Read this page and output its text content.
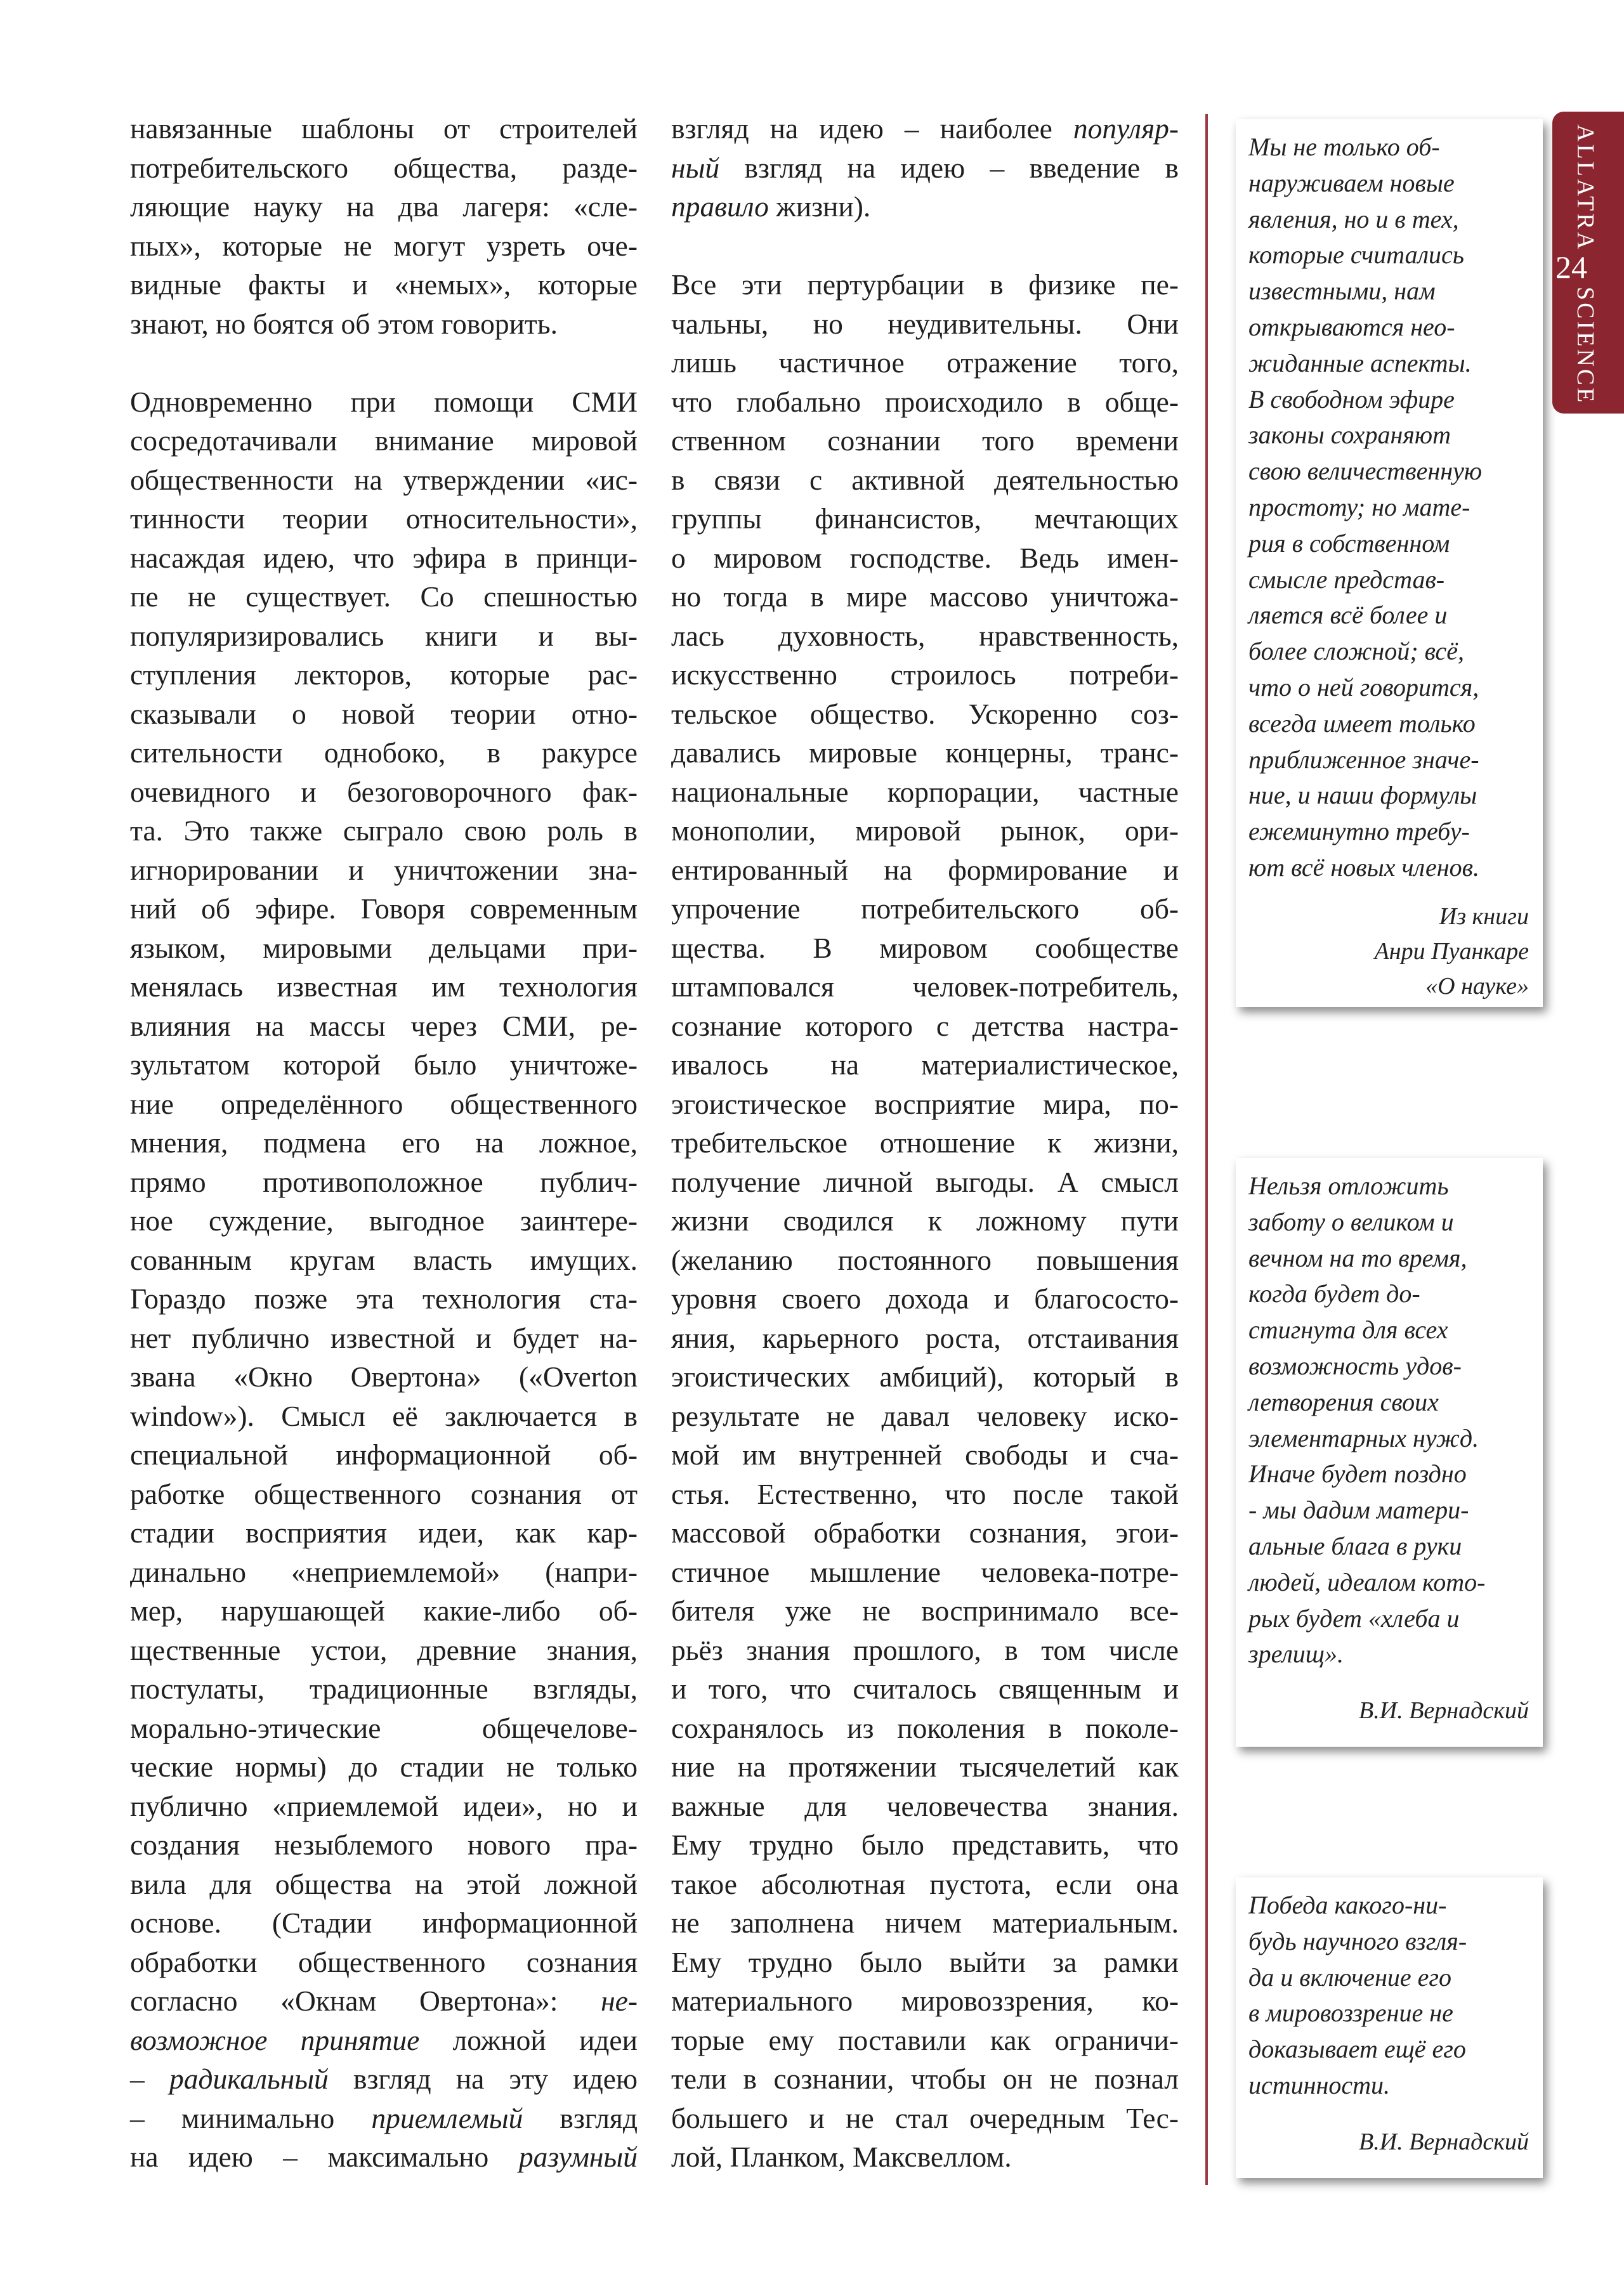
ALLATRA
SCIENCE
24
навязанные шаблоны от строителей
потребительского общества, разде-
ляющие науку на два лагеря: «сле-
пых», которые не могут узреть оче-
видные факты и «немых», которые
знают, но боятся об этом говорить.
Одновременно при помощи СМИ
сосредотачивали внимание мировой
общественности на утверждении «ис-
тинности теории относительности»,
насаждая идею, что эфира в принци-
пе не существует. Со спешностью
популяризировались книги и вы-
ступления лекторов, которые рас-
сказывали о новой теории отно-
сительности однобоко, в ракурсе
очевидного и безоговорочного фак-
та. Это также сыграло свою роль в
игнорировании и уничтожении зна-
ний об эфире. Говоря современным
языком, мировыми дельцами при-
менялась известная им технология
влияния на массы через СМИ, ре-
зультатом которой было уничтоже-
ние определённого общественного
мнения, подмена его на ложное,
прямо противоположное публич-
ное суждение, выгодное заинтере-
сованным кругам власть имущих.
Гораздо позже эта технология ста-
нет публично известной и будет на-
звана «Окно Овертона» («Overton
window»). Смысл её заключается в
специальной информационной об-
работке общественного сознания от
стадии восприятия идеи, как кар-
динально «неприемлемой» (напри-
мер, нарушающей какие-либо об-
щественные устои, древние знания,
постулаты, традиционные взгляды,
морально-этические общечелове-
ческие нормы) до стадии не только
публично «приемлемой идеи», но и
создания незыблемого нового пра-
вила для общества на этой ложной
основе. (Стадии информационной
обработки общественного сознания
согласно «Окнам Овертона»: не-
возможное принятие ложной идеи
– радикальный взгляд на эту идею
– минимально приемлемый взгляд
на идею – максимально разумный
взгляд на идею – наиболее популяр-
ный взгляд на идею – введение в
правило жизни).
Все эти пертурбации в физике пе-
чальны, но неудивительны. Они
лишь частичное отражение того,
что глобально происходило в обще-
ственном сознании того времени
в связи с активной деятельностью
группы финансистов, мечтающих
о мировом господстве. Ведь имен-
но тогда в мире массово уничтожа-
лась духовность, нравственность,
искусственно строилось потреби-
тельское общество. Ускоренно соз-
давались мировые концерны, транс-
национальные корпорации, частные
монополии, мировой рынок, ори-
ентированный на формирование и
упрочение потребительского об-
щества. В мировом сообществе
штамповался человек-потребитель,
сознание которого с детства настра-
ивалось на материалистическое,
эгоистическое восприятие мира, по-
требительское отношение к жизни,
получение личной выгоды. А смысл
жизни сводился к ложному пути
(желанию постоянного повышения
уровня своего дохода и благососто-
яния, карьерного роста, отстаивания
эгоистических амбиций), который в
результате не давал человеку иско-
мой им внутренней свободы и сча-
стья. Естественно, что после такой
массовой обработки сознания, эгои-
стичное мышление человека-потре-
бителя уже не воспринимало все-
рьёз знания прошлого, в том числе
и того, что считалось священным и
сохранялось из поколения в поколе-
ние на протяжении тысячелетий как
важные для человечества знания.
Ему трудно было представить, что
такое абсолютная пустота, если она
не заполнена ничем материальным.
Ему трудно было выйти за рамки
материального мировоззрения, ко-
торые ему поставили как ограничи-
тели в сознании, чтобы он не познал
большего и не стал очередным Тес-
лой, Планком, Максвеллом.
Мы не только об-
наруживаем новые
явления, но и в тех,
которые считались
известными, нам
открываются нео-
жиданные аспекты.
В свободном эфире
законы сохраняют
свою величественную
простоту; но мате-
рия в собственном
смысле представ-
ляется всё более и
более сложной; всё,
что о ней говорится,
всегда имеет только
приближенное значе-
ние, и наши формулы
ежеминутно требу-
ют всё новых членов.
Из книги
Анри Пуанкаре
«О науке»
Нельзя отложить
заботу о великом и
вечном на то время,
когда будет до-
стигнута для всех
возможность удов-
летворения своих
элементарных нужд.
Иначе будет поздно
- мы дадим матери-
альные блага в руки
людей, идеалом кото-
рых будет «хлеба и
зрелищ».
В.И. Вернадский
Победа какого-ни-
будь научного взгля-
да и включение его
в мировоззрение не
доказывает ещё его
истинности.
В.И. Вернадский
